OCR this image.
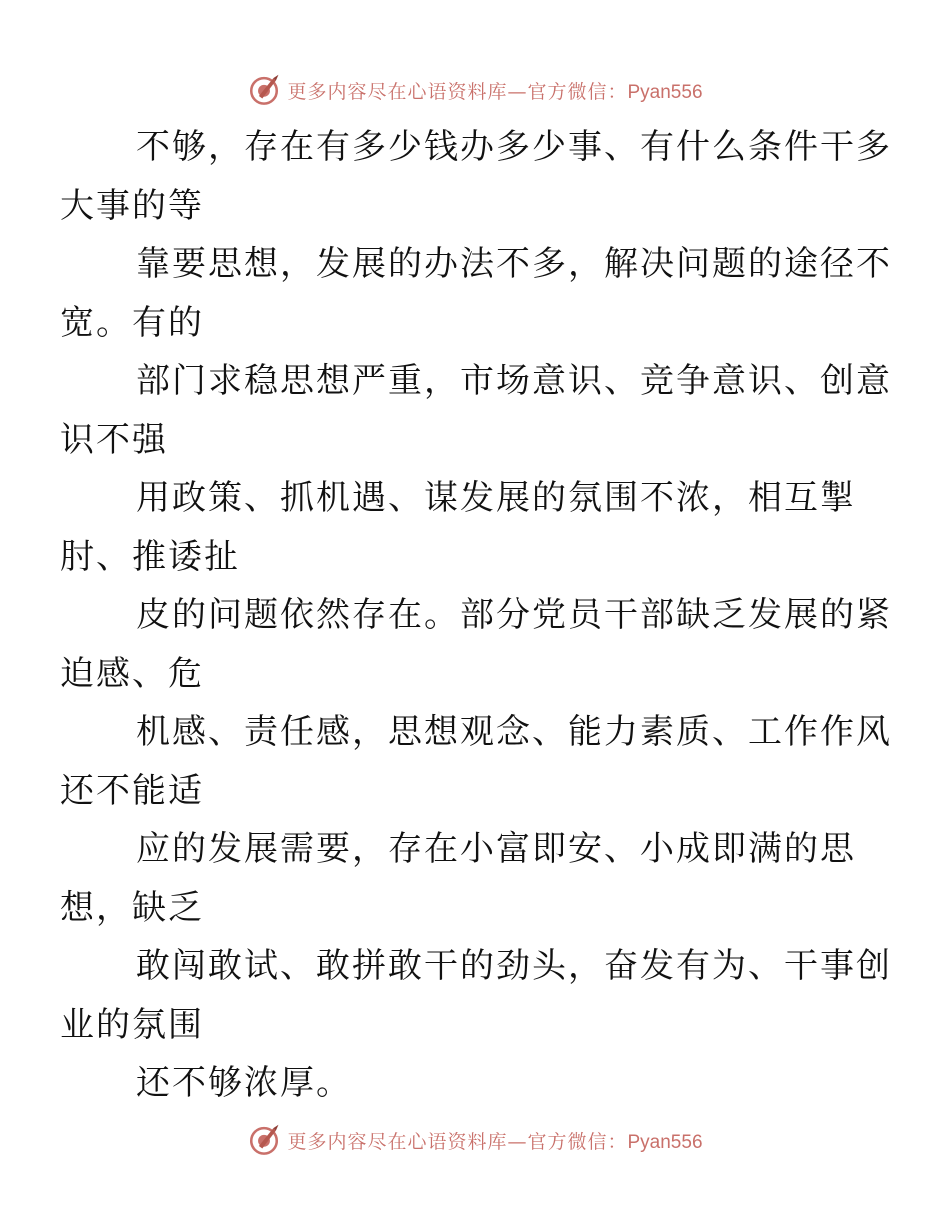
更多内容尽在心语资料库—官方微信：Pyan556

不够，存在有多少钱办多少事、有什么条件干多
大事的等

靠要思想，发展的办法不多，解决问题的途径不
宽。有的

部门求稳思想严重，市场意识、竞争意识、创意
识不强

用政策、抓机遇、谋发展的氛围不浓，相互掣
肘、推诿扯

皮的问题依然存在。部分党员干部缺乏发展的紧
迫感、危

机感、责任感，思想观念、能力素质、工作作风
还不能适

应的发展需要，存在小富即安、小成即满的思
想，缺乏

敢闯敢试、敢拼敢干的劲头，奋发有为、干事创
业的氛围

还不够浓厚。

更多内容尽在心语资料库—官方微信：Pyan556
